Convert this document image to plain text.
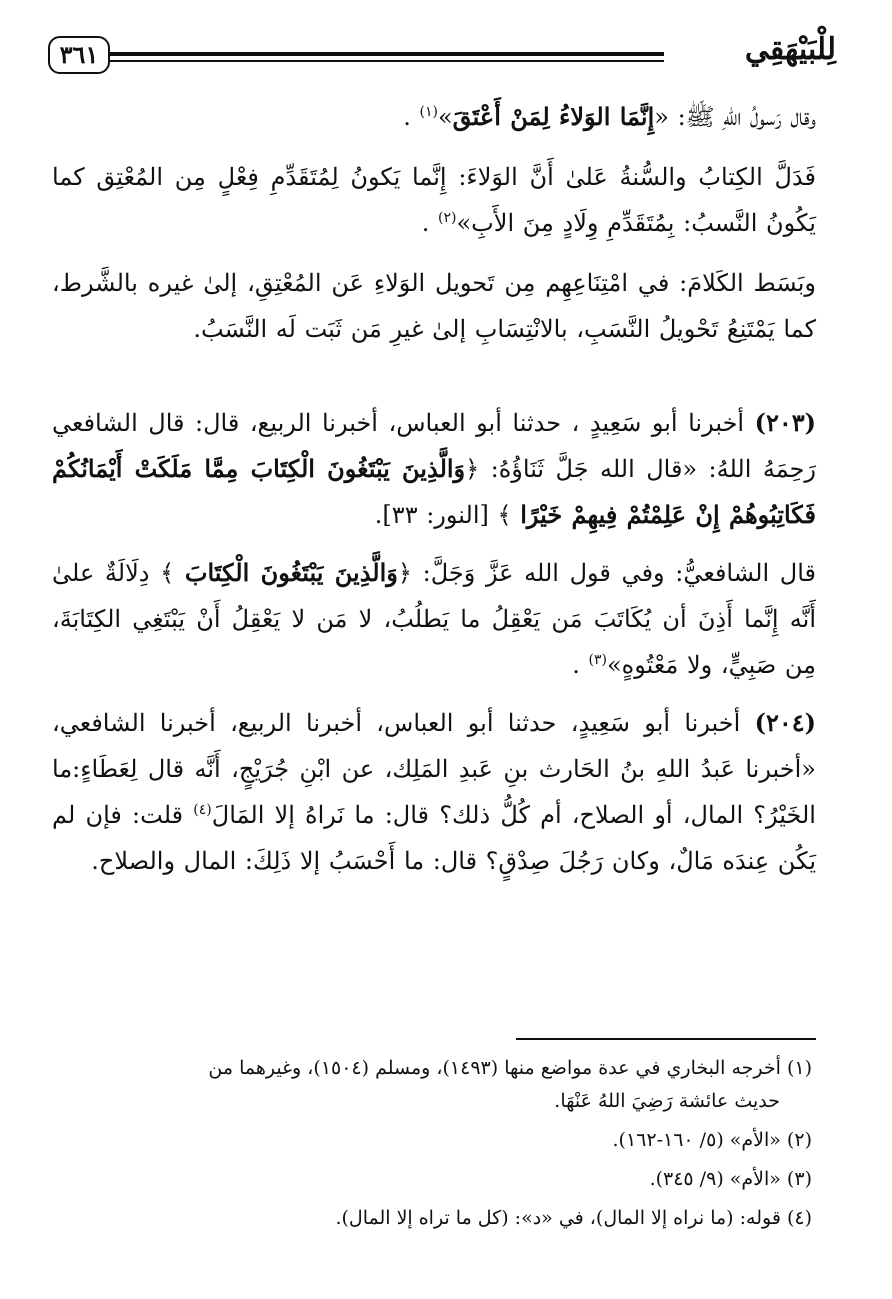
لِلْبَيْهَقِي
٣٦١

وقال رَسولُ اللهِ ﷺ: «إِنَّمَا الوَلاءُ لِمَنْ أَعْتَقَ»$^{(١)}$ .

فَدَلَّ الكِتابُ والسُّنةُ عَلىٰ أَنَّ الوَلاءَ: إِنَّما يَكونُ لِمُتَقَدِّمِ فِعْلٍ مِن المُعْتِق كما يَكُونُ النَّسبُ: بِمُتَقَدِّمِ وِلَادٍ مِنَ الأَبِ»$^{(٢)}$ .

وبَسَط الكَلامَ: في امْتِنَاعِهِم مِن تَحويل الوَلاءِ عَن المُعْتِقِ، إلىٰ غيره بالشَّرط، كما يَمْتَنِعُ تَحْويلُ النَّسَبِ، بالانْتِسَابِ إلىٰ غيرِ مَن ثَبَت لَه النَّسَبُ.

(٢٠٣) أخبرنا أبو سَعِيدٍ ، حدثنا أبو العباس، أخبرنا الربيع، قال: قال الشافعي رَحِمَهُ اللهُ: «قال الله جَلَّ ثَنَاؤُهُ: ﴿وَالَّذِينَ يَبْتَغُونَ الْكِتَابَ مِمَّا مَلَكَتْ أَيْمَانُكُمْ فَكَاتِبُوهُمْ إِنْ عَلِمْتُمْ فِيهِمْ خَيْرًا ﴾ [النور: ٣٣].

قال الشافعيُّ: وفي قول الله عَزَّ وَجَلَّ: ﴿وَالَّذِينَ يَبْتَغُونَ الْكِتَابَ ﴾ دِلَالَةٌ علىٰ أَنَّه إِنَّما أَذِنَ أن يُكَاتَبَ مَن يَعْقِلُ ما يَطلُبُ، لا مَن لا يَعْقِلُ أَنْ يَبْتَغِي الكِتَابَةَ، مِن صَبِيٍّ، ولا مَعْتُوهٍ»$^{(٣)}$ .

(٢٠٤) أخبرنا أبو سَعِيدٍ، حدثنا أبو العباس، أخبرنا الربيع، أخبرنا الشافعي، «أخبرنا عَبدُ اللهِ بنُ الحَارث بنِ عَبدِ المَلِك، عن ابْنِ جُرَيْجٍ، أَنَّه قال لِعَطَاءٍ:ما الخَيْرُ؟ المال، أو الصلاح، أم كُلُّ ذلك؟ قال: ما نَراهُ إلا المَالَ$^{(٤)}$ قلت: فإن لم يَكُن عِندَه مَالٌ، وكان رَجُلَ صِدْقٍ؟ قال: ما أَحْسَبُ إلا ذَلِكَ: المال والصلاح.

(١) أخرجه البخاري في عدة مواضع منها (١٤٩٣)، ومسلم (١٥٠٤)، وغيرهما من
حديث عائشة رَضِيَ اللهُ عَنْهَا.

(٢) «الأم» (٥/ ١٦٠-١٦٢).

(٣) «الأم» (٩/ ٣٤٥).

(٤) قوله: (ما نراه إلا المال)، في «د»: (كل ما تراه إلا المال).
